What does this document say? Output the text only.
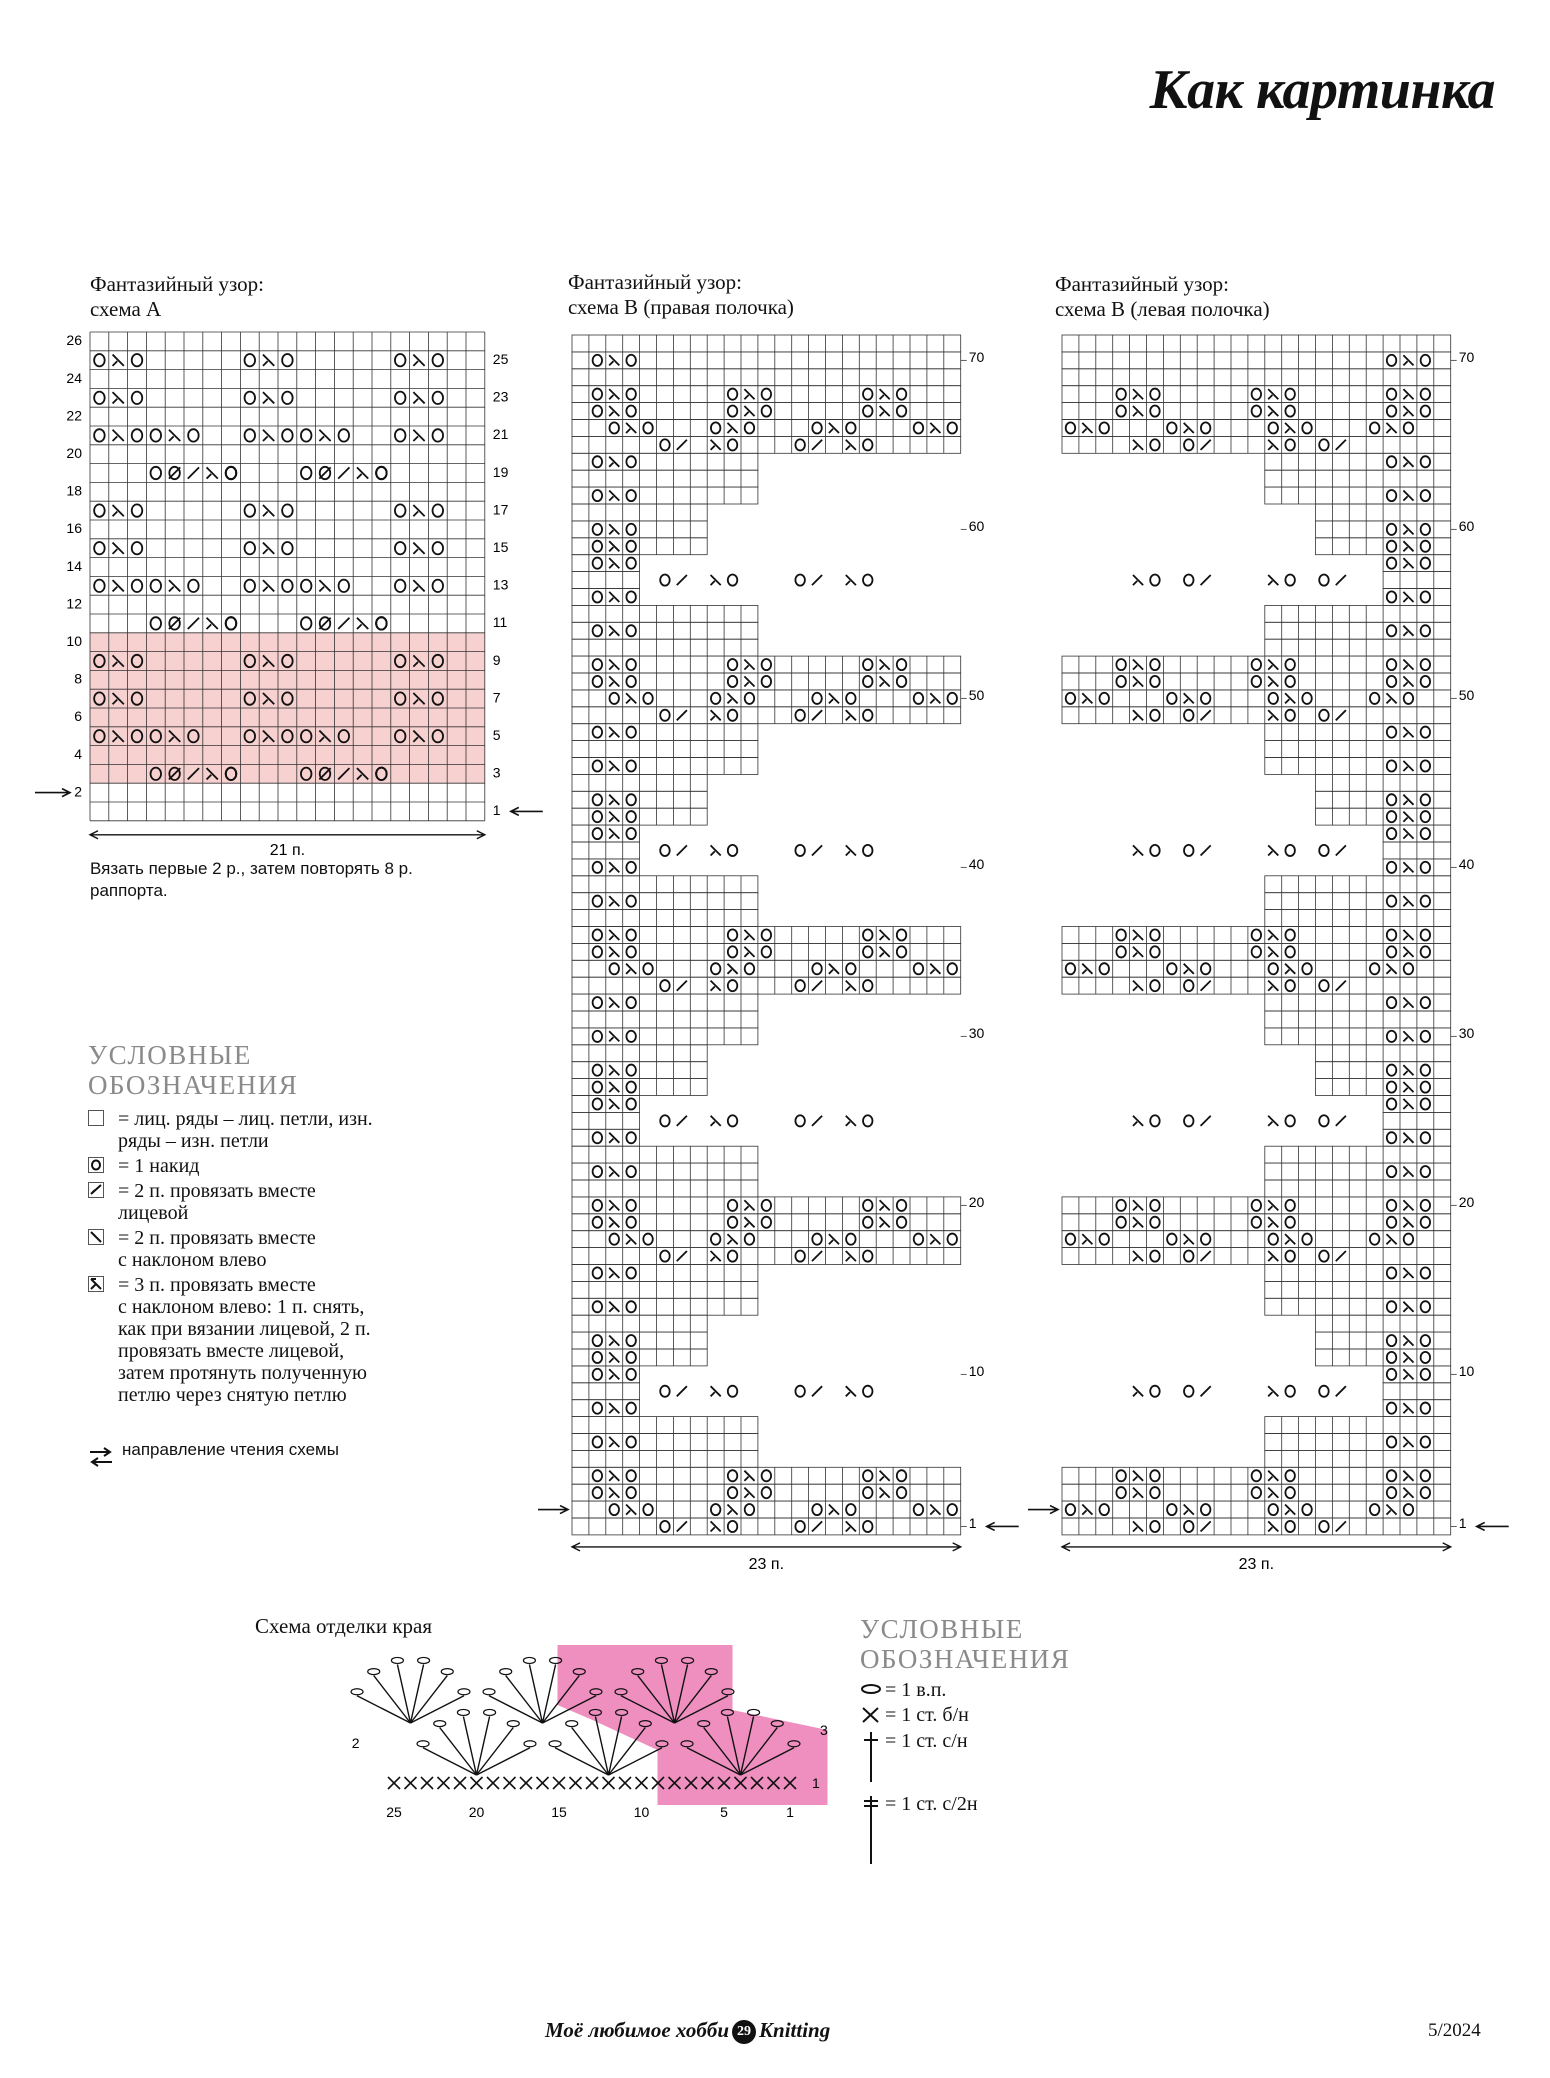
Как картинка
Фантазийный узор:
схема А
Фантазийный узор:
схема В (правая полочка)
Фантазийный узор:
схема В (левая полочка)
26
24
22
20
18
16
14
12
10
8
6
4
2
25
23
21
19
17
15
13
11
9
7
5
3
1
21 п.
Вязать первые 2 р., затем повторять 8 р.
раппорта.
70
60
50
40
30
20
10
1
23 п.
70
60
50
40
30
20
10
1
23 п.
УСЛОВНЫЕ
ОБОЗНАЧЕНИЯ
= лиц. ряды – лиц. петли, изн.
ряды – изн. петли
= 1 накид
= 2 п. провязать вместе
лицевой
= 2 п. провязать вместе
с наклоном влево
= 3 п. провязать вместе
с наклоном влево: 1 п. снять,
как при вязании лицевой, 2 п.
провязать вместе лицевой,
затем протянуть полученную
петлю через снятую петлю
направление чтения схемы
Схема отделки края
25	20	15	10	5	1
3
2
1
УСЛОВНЫЕ
ОБОЗНАЧЕНИЯ
= 1 в.п.
= 1 ст. б/н
= 1 ст. с/н
= 1 ст. с/2н
Моё любимое хобби 29 Knitting	5/2024
